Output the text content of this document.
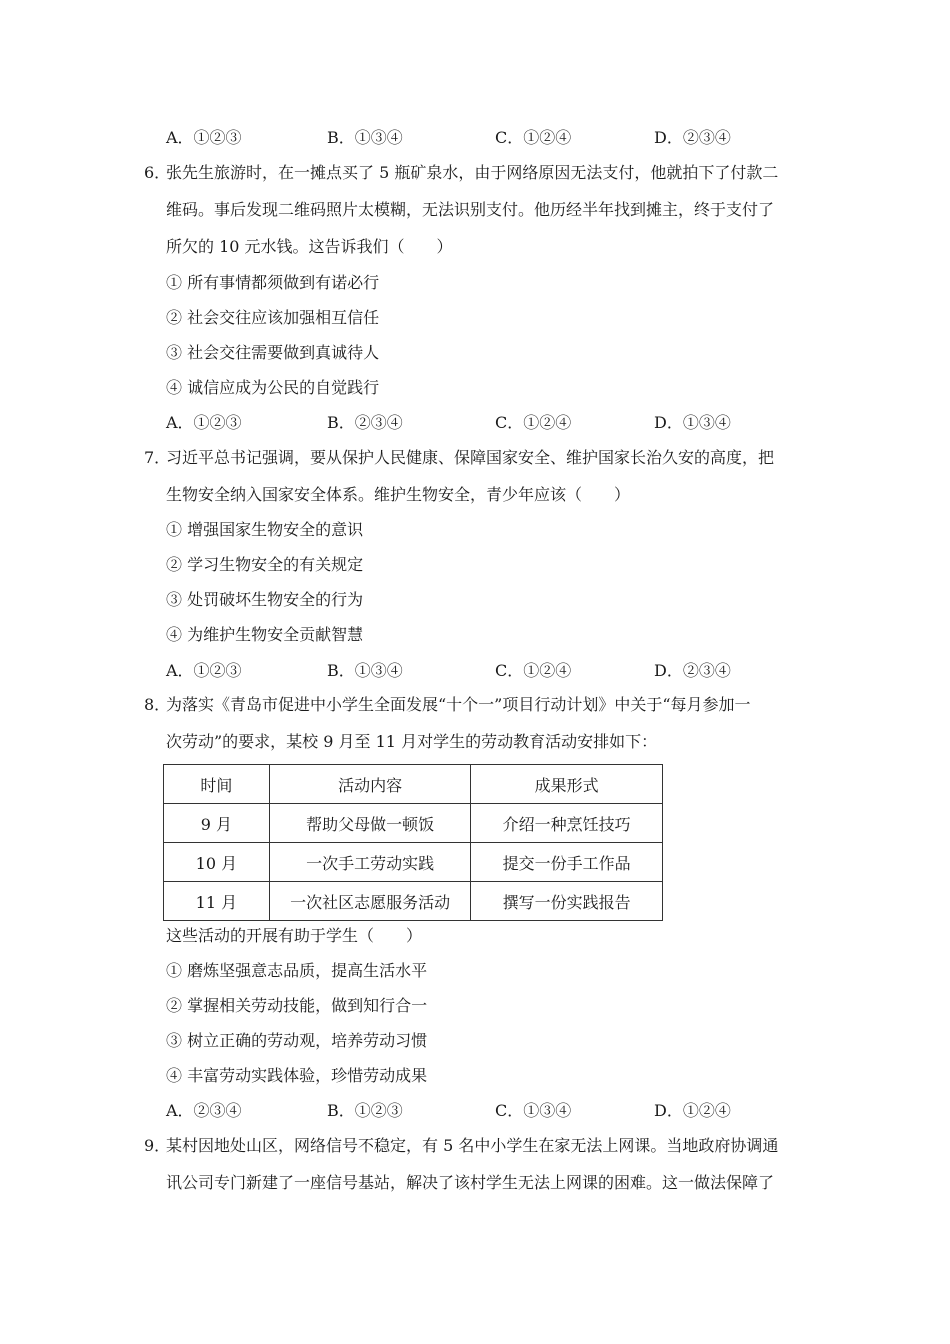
A．①②③	B．①③④	C．①②④	D．②③④
6．
张先生旅游时，在一摊点买了 5 瓶矿泉水，由于网络原因无法支付，他就拍下了付款二
维码。事后发现二维码照片太模糊，无法识别支付。他历经半年找到摊主，终于支付了
所欠的 10 元水钱。这告诉我们（　　）
① 所有事情都须做到有诺必行
② 社会交往应该加强相互信任
③ 社会交往需要做到真诚待人
④ 诚信应成为公民的自觉践行
A．①②③	B．②③④	C．①②④	D．①③④
7．
习近平总书记强调，要从保护人民健康、保障国家安全、维护国家长治久安的高度，把
生物安全纳入国家安全体系。维护生物安全，青少年应该（　　）
① 增强国家生物安全的意识
② 学习生物安全的有关规定
③ 处罚破坏生物安全的行为
④ 为维护生物安全贡献智慧
A．①②③	B．①③④	C．①②④	D．②③④
8．
为落实《青岛市促进中小学生全面发展“十个一”项目行动计划》中关于“每月参加一
次劳动”的要求，某校 9 月至 11 月对学生的劳动教育活动安排如下：
时间	活动内容	成果形式
9 月	帮助父母做一顿饭	介绍一种烹饪技巧
10 月	一次手工劳动实践	提交一份手工作品
11 月	一次社区志愿服务活动	撰写一份实践报告
这些活动的开展有助于学生（　　）
① 磨炼坚强意志品质，提高生活水平
② 掌握相关劳动技能，做到知行合一
③ 树立正确的劳动观，培养劳动习惯
④ 丰富劳动实践体验，珍惜劳动成果
A．②③④	B．①②③	C．①③④	D．①②④
9．
某村因地处山区，网络信号不稳定，有 5 名中小学生在家无法上网课。当地政府协调通
讯公司专门新建了一座信号基站，解决了该村学生无法上网课的困难。这一做法保障了
